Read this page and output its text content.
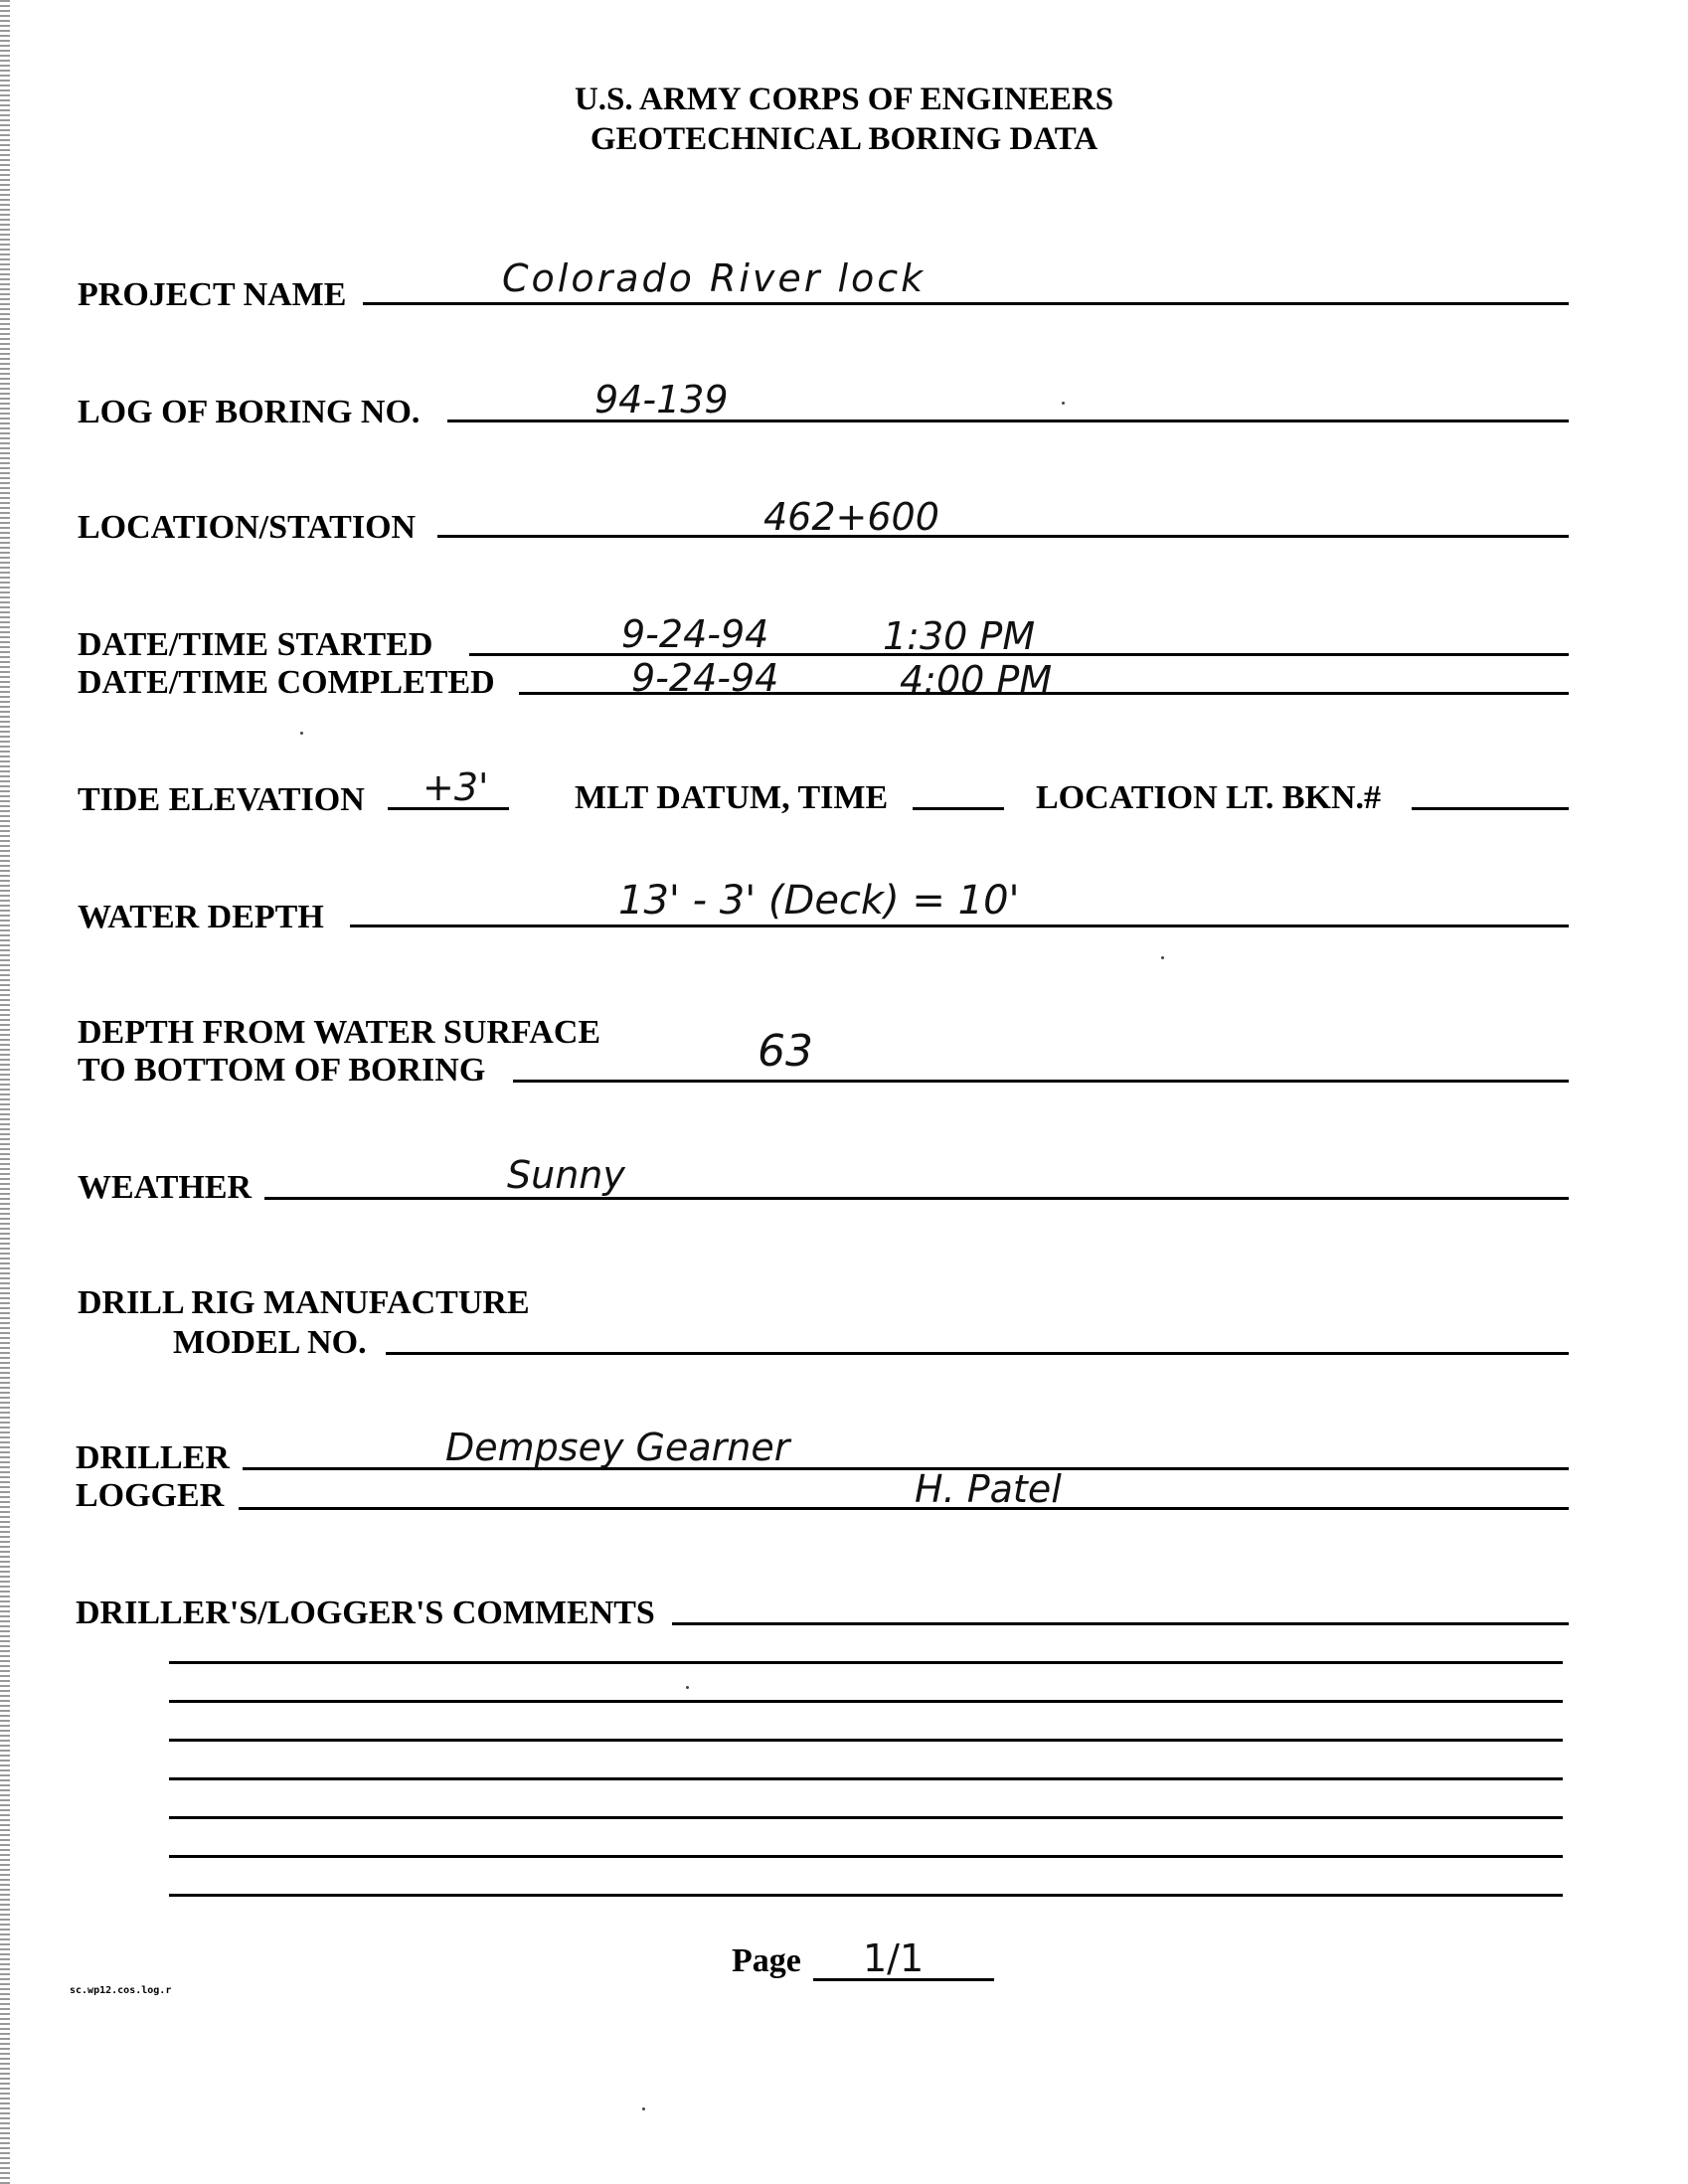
U.S. ARMY CORPS OF ENGINEERS
GEOTECHNICAL BORING DATA
PROJECT NAME	Colorado River lock
LOG OF BORING NO.	94-139
LOCATION/STATION	462+600
DATE/TIME STARTED	9-24-94	1:30 PM
DATE/TIME COMPLETED	9-24-94	4:00 PM
TIDE ELEVATION +3'	MLT DATUM, TIME	LOCATION LT. BKN.#
WATER DEPTH	13' - 3' (Deck) = 10'
DEPTH FROM WATER SURFACE
TO BOTTOM OF BORING	63
WEATHER	Sunny
DRILL RIG MANUFACTURE
MODEL NO.
DRILLER	Dempsey Gearner
LOGGER	H. Patel
DRILLER'S/LOGGER'S COMMENTS
Page 1/1
sc.wp12.cos.log.r
